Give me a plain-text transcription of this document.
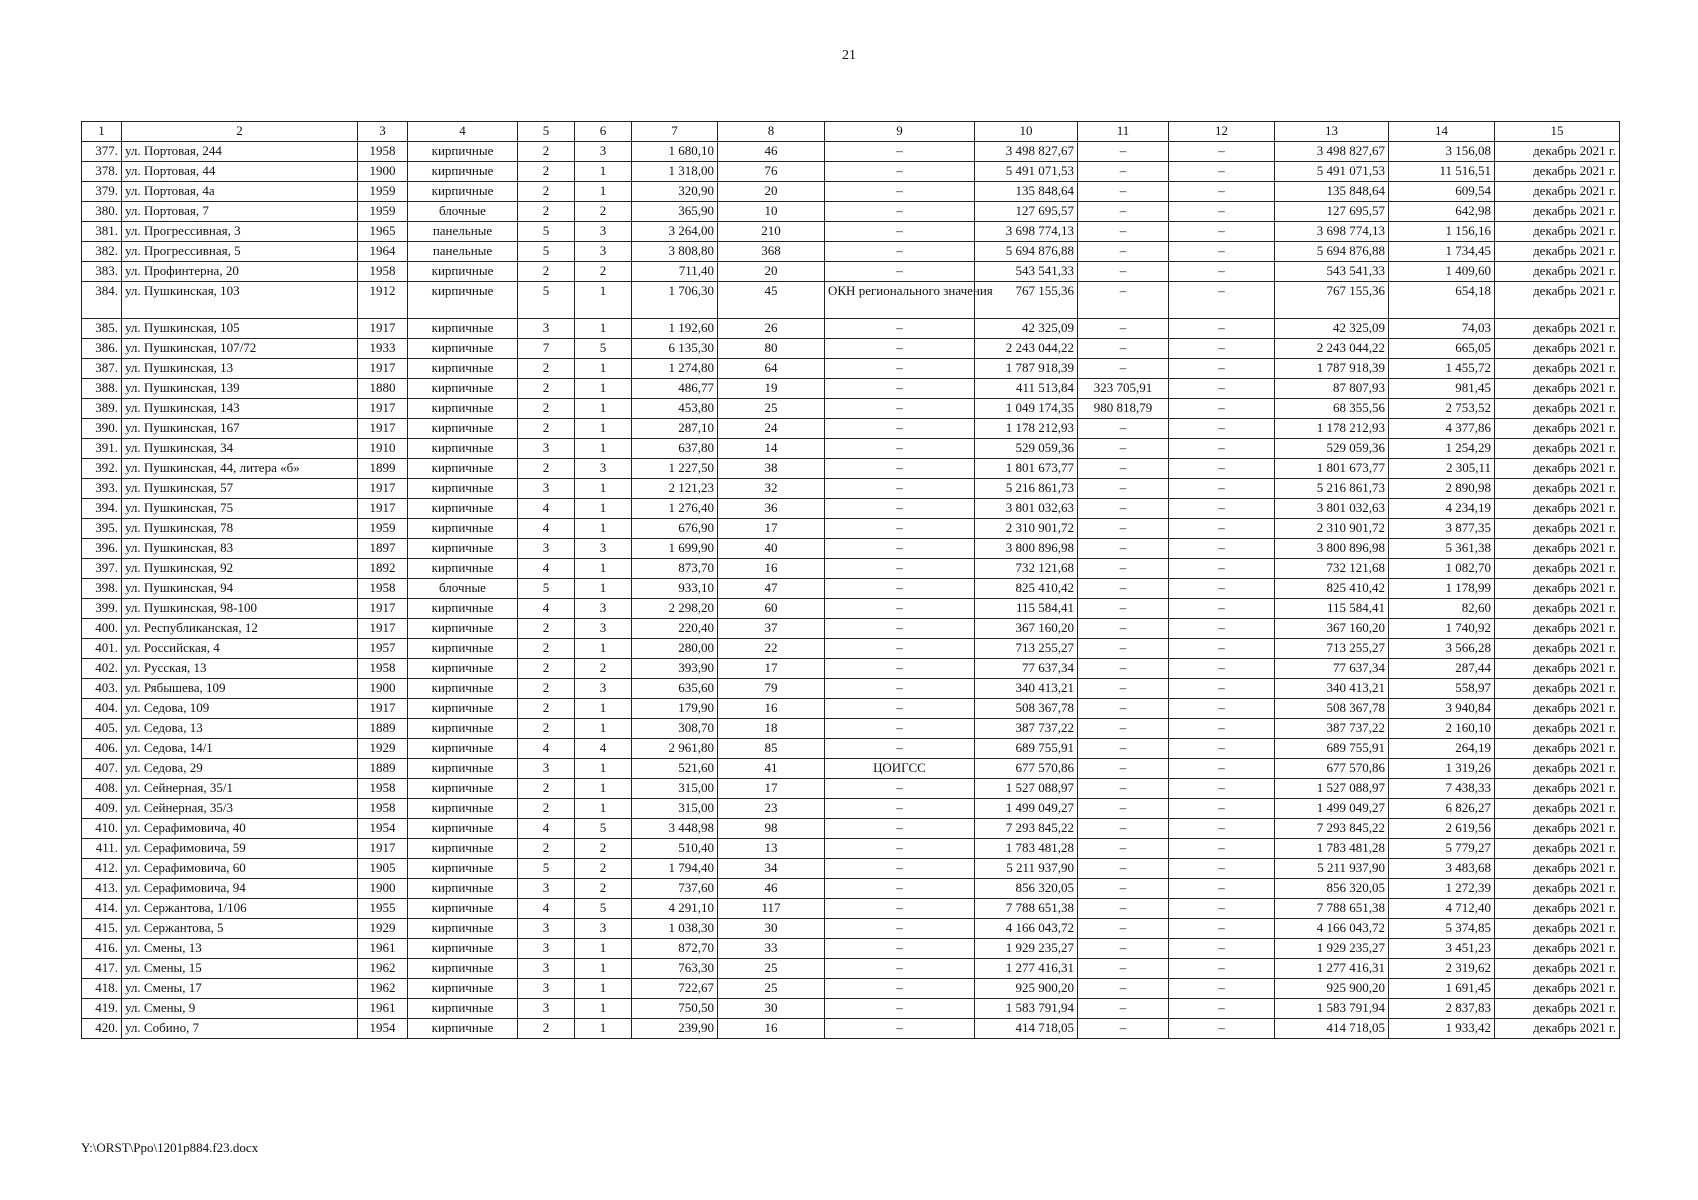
21
1	2	3	4	5	6	7	8	9	10	11	12	13	14	15
377.	ул. Портовая, 244	1958	кирпичные	2	3	1 680,10	46	–	3 498 827,67	–	–	3 498 827,67	3 156,08	декабрь 2021 г.
378.	ул. Портовая, 44	1900	кирпичные	2	1	1 318,00	76	–	5 491 071,53	–	–	5 491 071,53	11 516,51	декабрь 2021 г.
379.	ул. Портовая, 4а	1959	кирпичные	2	1	320,90	20	–	135 848,64	–	–	135 848,64	609,54	декабрь 2021 г.
380.	ул. Портовая, 7	1959	блочные	2	2	365,90	10	–	127 695,57	–	–	127 695,57	642,98	декабрь 2021 г.
381.	ул. Прогрессивная, 3	1965	панельные	5	3	3 264,00	210	–	3 698 774,13	–	–	3 698 774,13	1 156,16	декабрь 2021 г.
382.	ул. Прогрессивная, 5	1964	панельные	5	3	3 808,80	368	–	5 694 876,88	–	–	5 694 876,88	1 734,45	декабрь 2021 г.
383.	ул. Профинтерна, 20	1958	кирпичные	2	2	711,40	20	–	543 541,33	–	–	543 541,33	1 409,60	декабрь 2021 г.
384.	ул. Пушкинская, 103	1912	кирпичные	5	1	1 706,30	45	ОКН регионального значения	767 155,36	–	–	767 155,36	654,18	декабрь 2021 г.
385.	ул. Пушкинская, 105	1917	кирпичные	3	1	1 192,60	26	–	42 325,09	–	–	42 325,09	74,03	декабрь 2021 г.
386.	ул. Пушкинская, 107/72	1933	кирпичные	7	5	6 135,30	80	–	2 243 044,22	–	–	2 243 044,22	665,05	декабрь 2021 г.
387.	ул. Пушкинская, 13	1917	кирпичные	2	1	1 274,80	64	–	1 787 918,39	–	–	1 787 918,39	1 455,72	декабрь 2021 г.
388.	ул. Пушкинская, 139	1880	кирпичные	2	1	486,77	19	–	411 513,84	323 705,91	–	87 807,93	981,45	декабрь 2021 г.
389.	ул. Пушкинская, 143	1917	кирпичные	2	1	453,80	25	–	1 049 174,35	980 818,79	–	68 355,56	2 753,52	декабрь 2021 г.
390.	ул. Пушкинская, 167	1917	кирпичные	2	1	287,10	24	–	1 178 212,93	–	–	1 178 212,93	4 377,86	декабрь 2021 г.
391.	ул. Пушкинская, 34	1910	кирпичные	3	1	637,80	14	–	529 059,36	–	–	529 059,36	1 254,29	декабрь 2021 г.
392.	ул. Пушкинская, 44, литера «б»	1899	кирпичные	2	3	1 227,50	38	–	1 801 673,77	–	–	1 801 673,77	2 305,11	декабрь 2021 г.
393.	ул. Пушкинская, 57	1917	кирпичные	3	1	2 121,23	32	–	5 216 861,73	–	–	5 216 861,73	2 890,98	декабрь 2021 г.
394.	ул. Пушкинская, 75	1917	кирпичные	4	1	1 276,40	36	–	3 801 032,63	–	–	3 801 032,63	4 234,19	декабрь 2021 г.
395.	ул. Пушкинская, 78	1959	кирпичные	4	1	676,90	17	–	2 310 901,72	–	–	2 310 901,72	3 877,35	декабрь 2021 г.
396.	ул. Пушкинская, 83	1897	кирпичные	3	3	1 699,90	40	–	3 800 896,98	–	–	3 800 896,98	5 361,38	декабрь 2021 г.
397.	ул. Пушкинская, 92	1892	кирпичные	4	1	873,70	16	–	732 121,68	–	–	732 121,68	1 082,70	декабрь 2021 г.
398.	ул. Пушкинская, 94	1958	блочные	5	1	933,10	47	–	825 410,42	–	–	825 410,42	1 178,99	декабрь 2021 г.
399.	ул. Пушкинская, 98-100	1917	кирпичные	4	3	2 298,20	60	–	115 584,41	–	–	115 584,41	82,60	декабрь 2021 г.
400.	ул. Республиканская, 12	1917	кирпичные	2	3	220,40	37	–	367 160,20	–	–	367 160,20	1 740,92	декабрь 2021 г.
401.	ул. Российская, 4	1957	кирпичные	2	1	280,00	22	–	713 255,27	–	–	713 255,27	3 566,28	декабрь 2021 г.
402.	ул. Русская, 13	1958	кирпичные	2	2	393,90	17	–	77 637,34	–	–	77 637,34	287,44	декабрь 2021 г.
403.	ул. Рябышева, 109	1900	кирпичные	2	3	635,60	79	–	340 413,21	–	–	340 413,21	558,97	декабрь 2021 г.
404.	ул. Седова, 109	1917	кирпичные	2	1	179,90	16	–	508 367,78	–	–	508 367,78	3 940,84	декабрь 2021 г.
405.	ул. Седова, 13	1889	кирпичные	2	1	308,70	18	–	387 737,22	–	–	387 737,22	2 160,10	декабрь 2021 г.
406.	ул. Седова, 14/1	1929	кирпичные	4	4	2 961,80	85	–	689 755,91	–	–	689 755,91	264,19	декабрь 2021 г.
407.	ул. Седова, 29	1889	кирпичные	3	1	521,60	41	ЦОИГСС	677 570,86	–	–	677 570,86	1 319,26	декабрь 2021 г.
408.	ул. Сейнерная, 35/1	1958	кирпичные	2	1	315,00	17	–	1 527 088,97	–	–	1 527 088,97	7 438,33	декабрь 2021 г.
409.	ул. Сейнерная, 35/3	1958	кирпичные	2	1	315,00	23	–	1 499 049,27	–	–	1 499 049,27	6 826,27	декабрь 2021 г.
410.	ул. Серафимовича, 40	1954	кирпичные	4	5	3 448,98	98	–	7 293 845,22	–	–	7 293 845,22	2 619,56	декабрь 2021 г.
411.	ул. Серафимовича, 59	1917	кирпичные	2	2	510,40	13	–	1 783 481,28	–	–	1 783 481,28	5 779,27	декабрь 2021 г.
412.	ул. Серафимовича, 60	1905	кирпичные	5	2	1 794,40	34	–	5 211 937,90	–	–	5 211 937,90	3 483,68	декабрь 2021 г.
413.	ул. Серафимовича, 94	1900	кирпичные	3	2	737,60	46	–	856 320,05	–	–	856 320,05	1 272,39	декабрь 2021 г.
414.	ул. Сержантова, 1/106	1955	кирпичные	4	5	4 291,10	117	–	7 788 651,38	–	–	7 788 651,38	4 712,40	декабрь 2021 г.
415.	ул. Сержантова, 5	1929	кирпичные	3	3	1 038,30	30	–	4 166 043,72	–	–	4 166 043,72	5 374,85	декабрь 2021 г.
416.	ул. Смены, 13	1961	кирпичные	3	1	872,70	33	–	1 929 235,27	–	–	1 929 235,27	3 451,23	декабрь 2021 г.
417.	ул. Смены, 15	1962	кирпичные	3	1	763,30	25	–	1 277 416,31	–	–	1 277 416,31	2 319,62	декабрь 2021 г.
418.	ул. Смены, 17	1962	кирпичные	3	1	722,67	25	–	925 900,20	–	–	925 900,20	1 691,45	декабрь 2021 г.
419.	ул. Смены, 9	1961	кирпичные	3	1	750,50	30	–	1 583 791,94	–	–	1 583 791,94	2 837,83	декабрь 2021 г.
420.	ул. Собино, 7	1954	кирпичные	2	1	239,90	16	–	414 718,05	–	–	414 718,05	1 933,42	декабрь 2021 г.
Y:\ORST\Ppo\1201p884.f23.docx
